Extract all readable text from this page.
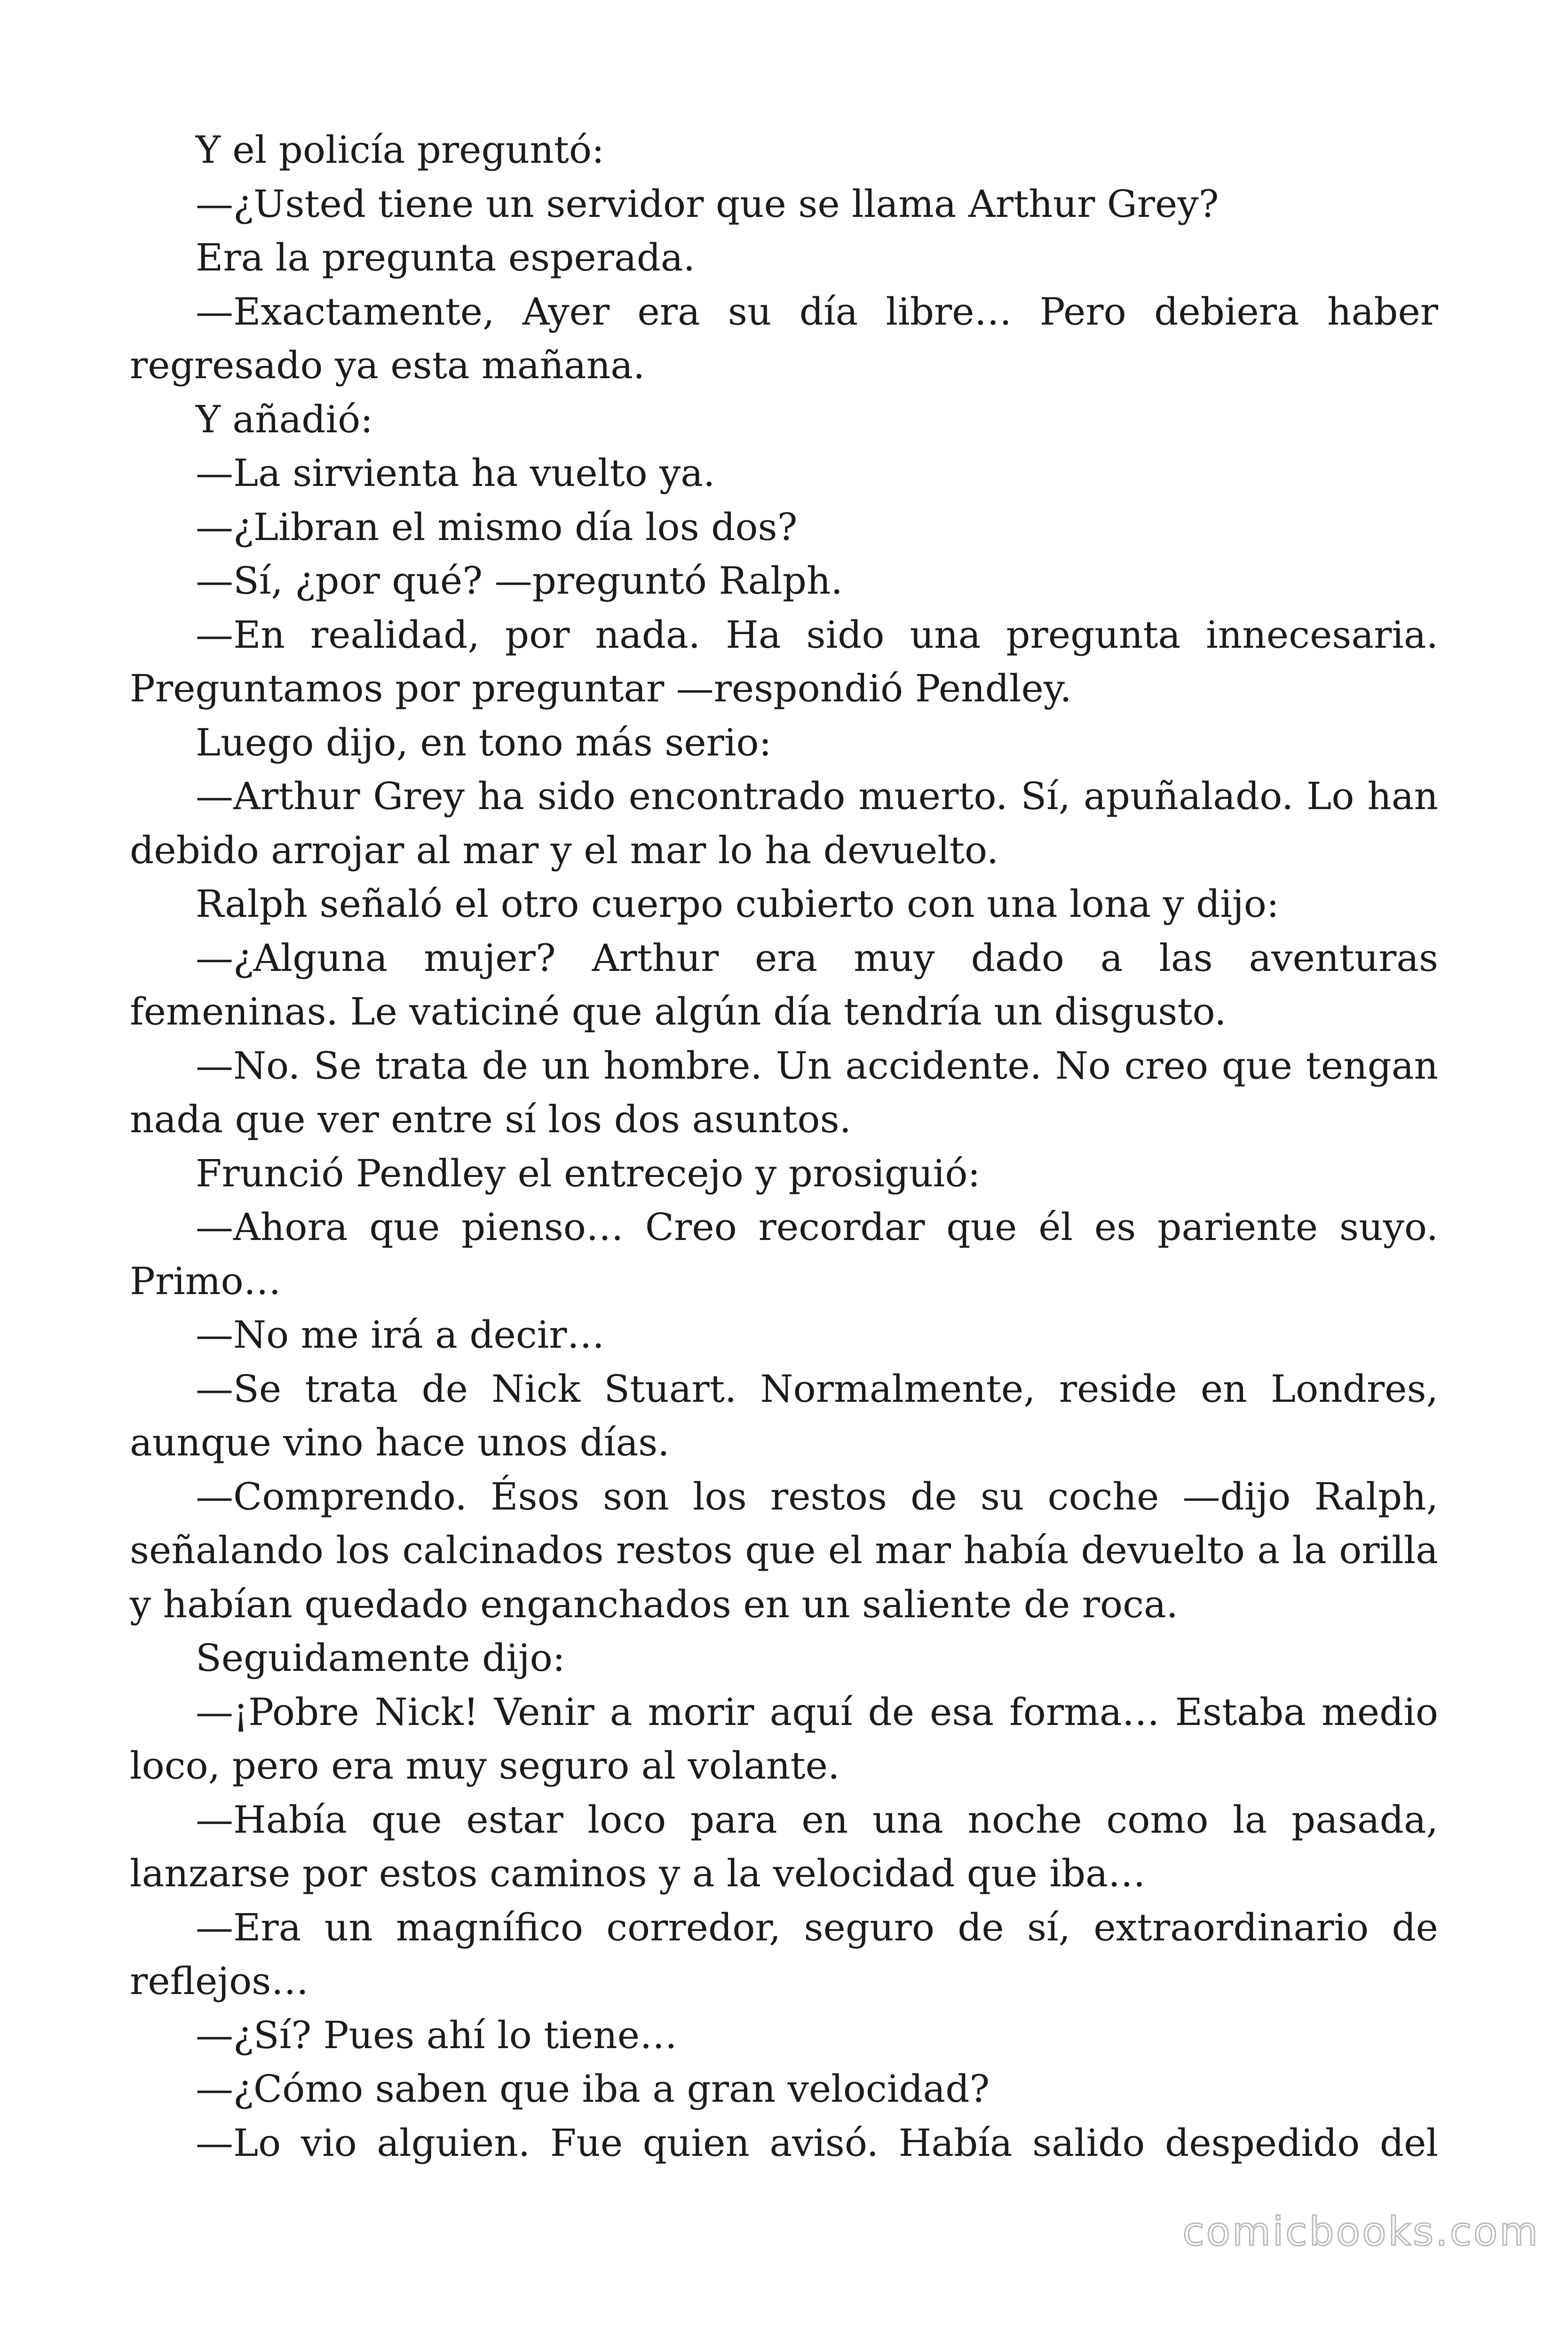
Y el policía preguntó:

—¿Usted tiene un servidor que se llama Arthur Grey?

Era la pregunta esperada.

—Exactamente, Ayer era su día libre… Pero debiera haber regresado ya esta mañana.

Y añadió:

—La sirvienta ha vuelto ya.

—¿Libran el mismo día los dos?

—Sí, ¿por qué? —preguntó Ralph.

—En realidad, por nada. Ha sido una pregunta innecesaria. Preguntamos por preguntar —respondió Pendley.

Luego dijo, en tono más serio:

—Arthur Grey ha sido encontrado muerto. Sí, apuñalado. Lo han debido arrojar al mar y el mar lo ha devuelto.

Ralph señaló el otro cuerpo cubierto con una lona y dijo:

—¿Alguna mujer? Arthur era muy dado a las aventuras femeninas. Le vaticiné que algún día tendría un disgusto.

—No. Se trata de un hombre. Un accidente. No creo que tengan nada que ver entre sí los dos asuntos.

Frunció Pendley el entrecejo y prosiguió:

—Ahora que pienso… Creo recordar que él es pariente suyo. Primo…

—No me irá a decir…

—Se trata de Nick Stuart. Normalmente, reside en Londres, aunque vino hace unos días.

—Comprendo. Ésos son los restos de su coche —dijo Ralph, señalando los calcinados restos que el mar había devuelto a la orilla y habían quedado enganchados en un saliente de roca.

Seguidamente dijo:

—¡Pobre Nick! Venir a morir aquí de esa forma… Estaba medio loco, pero era muy seguro al volante.

—Había que estar loco para en una noche como la pasada, lanzarse por estos caminos y a la velocidad que iba…

—Era un magnífico corredor, seguro de sí, extraordinario de reflejos…

—¿Sí? Pues ahí lo tiene…

—¿Cómo saben que iba a gran velocidad?

—Lo vio alguien. Fue quien avisó. Había salido despedido del

comicbooks.com
